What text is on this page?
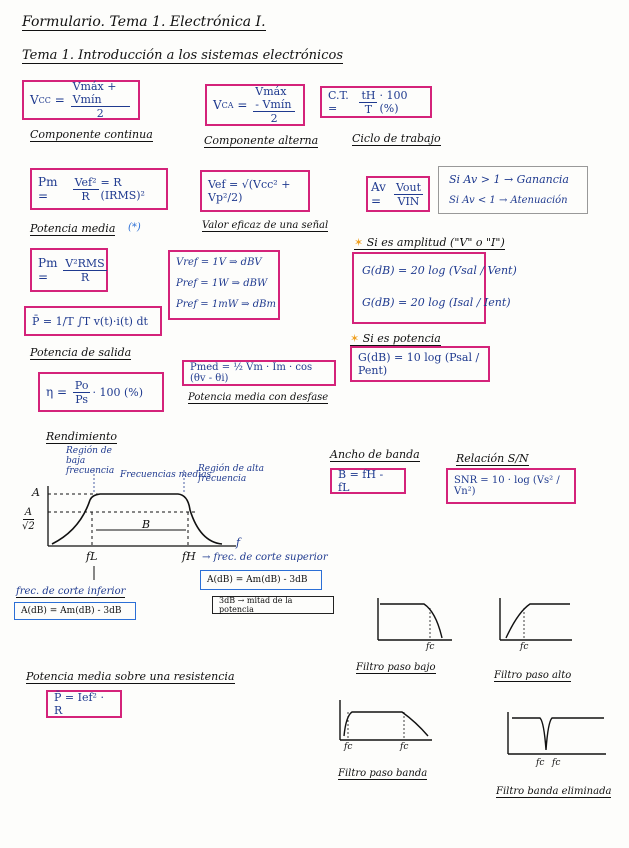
Formulario. Tema 1. Electrónica I.
Tema 1. Introducción a los sistemas electrónicos
V CC = $\frac{\text{Vmáx + Vmín}}{2}$
Componente continua
V CA = $\frac{\text{Vmáx - Vmín}}{2}$
Componente alterna
C.T. =	$\frac{tH}{T} \cdot 100$ (%)
Ciclo de trabajo
Pm =
	$\frac{\text{Vef²}}{R} = R$ (IRMS)²
Potencia media (*)
Vef = √(Vcc² + Vp²/2)
Valor eficaz de una señal
Av =	$\frac{\text{Vout}}{\text{VIN}}$
Si Av > 1 → Ganancia
Si Av < 1 → Atenuación
Pm =
	$\frac{\text{V²RMS}}{R}$	Vref = 1V ⇒ dBV
Pref = 1W ⇒ dBW
Pref = 1mW ⇒ dBm
P̄ = 1/T ∫T v(t)·i(t) dt
✶ Si es amplitud ("V" o "I")
G(dB) = 20 log (Vsal / Vent)
G(dB) = 20 log (Isal / Ient)
✶ Si es potencia
G(dB) = 10 log (Psal / Pent)
Potencia de salida
η =
$\frac{Po}{Ps} \cdot 100$ (%)
Pmed = ½ Vm · Im · cos (θv - θi)
Potencia media con desfase
Rendimiento
Ancho de banda
B = fH - fL
Relación S/N
SNR = 10 · log (Vs² / Vn²)
Región de baja frecuencia Frecuencias medias
Región de alta frecuencia
A
$\frac{A}{√2}$	B
fL	fH
f
→ frec. de corte superior
A(dB) = Am(dB) - 3dB
3dB → mitad de la potencia
frec. de corte inferior
A(dB) = Am(dB) - 3dB
Potencia media sobre una resistencia
P̄ = Ief² · R
fc
Filtro paso bajo
fc
Filtro paso alto
fc	fc
Filtro paso banda
fc fc
Filtro banda eliminada
